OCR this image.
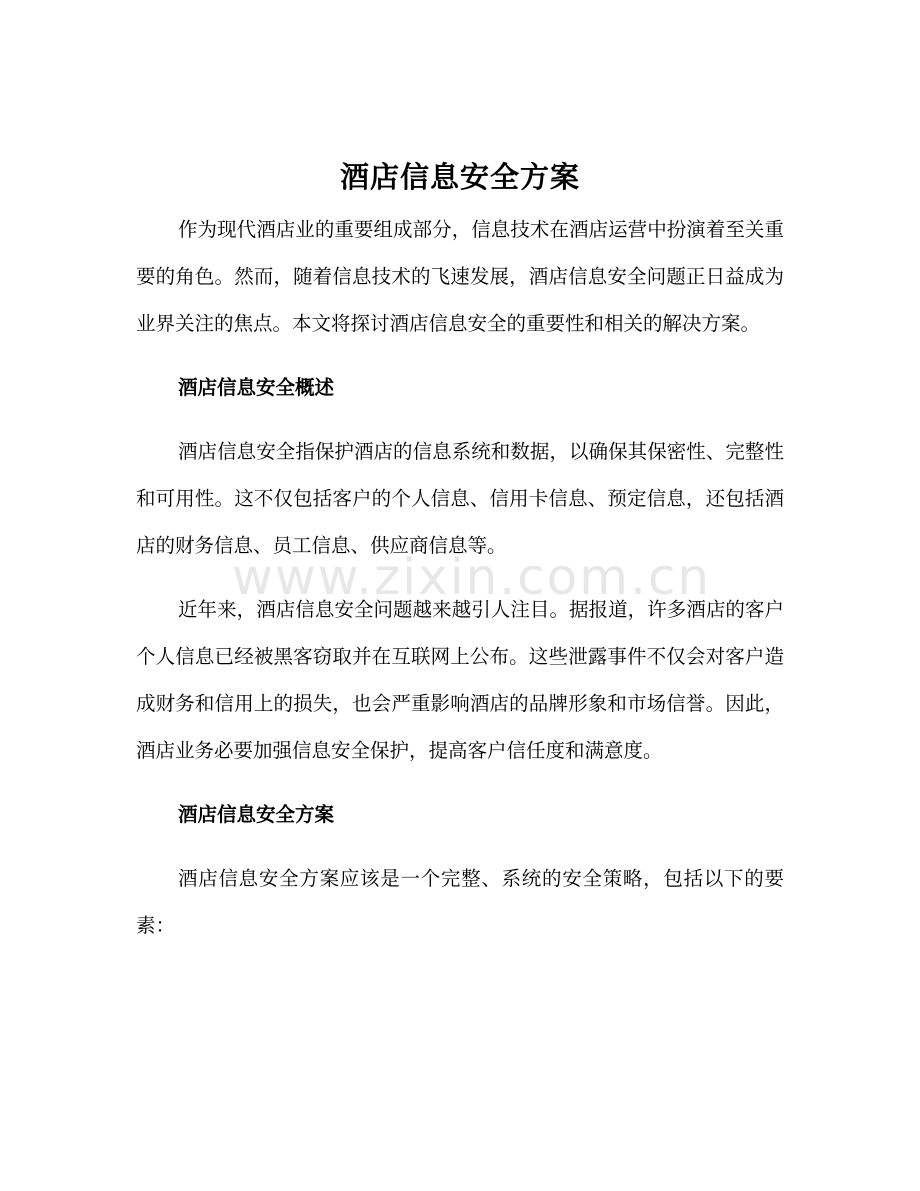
www.zixin.com.cn
酒店信息安全方案

作为现代酒店业的重要组成部分，信息技术在酒店运营中扮演着至关重要的角色。然而，随着信息技术的飞速发展，酒店信息安全问题正日益成为业界关注的焦点。本文将探讨酒店信息安全的重要性和相关的解决方案。

酒店信息安全概述

酒店信息安全指保护酒店的信息系统和数据，以确保其保密性、完整性和可用性。这不仅包括客户的个人信息、信用卡信息、预定信息，还包括酒店的财务信息、员工信息、供应商信息等。

近年来，酒店信息安全问题越来越引人注目。据报道，许多酒店的客户个人信息已经被黑客窃取并在互联网上公布。这些泄露事件不仅会对客户造成财务和信用上的损失，也会严重影响酒店的品牌形象和市场信誉。因此，酒店业务必要加强信息安全保护，提高客户信任度和满意度。

酒店信息安全方案

酒店信息安全方案应该是一个完整、系统的安全策略，包括以下的要素：
